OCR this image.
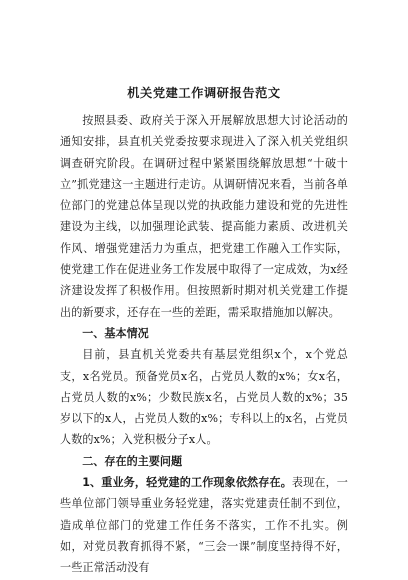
机关党建工作调研报告范文

按照县委、政府关于深入开展解放思想大讨论活动的通知安排，县直机关党委按要求现进入了深入机关党组织调查研究阶段。在调研过程中紧紧围绕解放思想“十破十立”抓党建这一主题进行走访。从调研情况来看，当前各单位部门的党建总体呈现以党的执政能力建设和党的先进性建设为主线，以加强理论武装、提高能力素质、改进机关作风、增强党建活力为重点，把党建工作融入工作实际，使党建工作在促进业务工作发展中取得了一定成效，为x经济建设发挥了积极作用。但按照新时期对机关党建工作提出的新要求，还存在一些的差距，需采取措施加以解决。

一、基本情况

目前，县直机关党委共有基层党组织x个，x个党总支，x名党员。预备党员x名，占党员人数的x%；女x名，占党员人数的x%；少数民族x名，占党员人数的x%；35岁以下的x人，占党员人数的x%；专科以上的x名，占党员人数的x%；入党积极分子x人。

二、存在的主要问题

1、重业务，轻党建的工作现象依然存在。表现在，一些单位部门领导重业务轻党建，落实党建责任制不到位，造成单位部门的党建工作任务不落实，工作不扎实。例如，对党员教育抓得不紧，“三会一课”制度坚持得不好，一些正常活动没有
